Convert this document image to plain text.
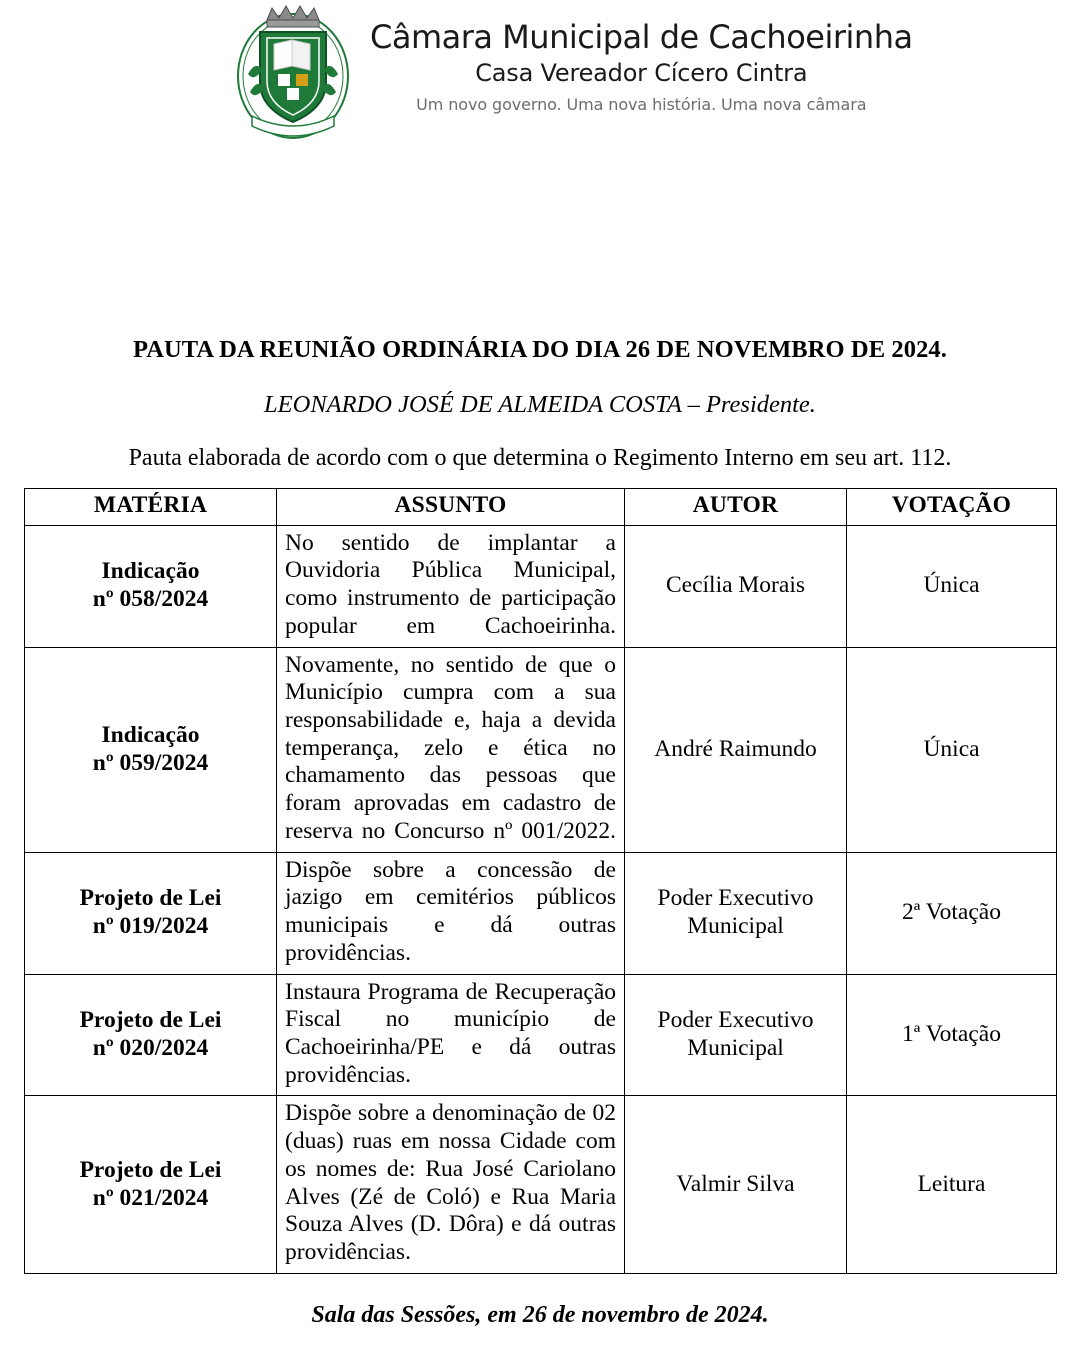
Câmara Municipal de Cachoeirinha
Casa Vereador Cícero Cintra
Um novo governo. Uma nova história. Uma nova câmara
PAUTA DA REUNIÃO ORDINÁRIA DO DIA 26 DE NOVEMBRO DE 2024.
LEONARDO JOSÉ DE ALMEIDA COSTA – Presidente.
Pauta elaborada de acordo com o que determina o Regimento Interno em seu art. 112.
MATÉRIA	ASSUNTO	AUTOR	VOTAÇÃO
Indicação
nº 058/2024	No sentido de implantar a Ouvidoria Pública Municipal, como instrumento de participação popular em Cachoeirinha.	Cecília Morais	Única
Indicação
nº 059/2024	Novamente, no sentido de que o Município cumpra com a sua responsabilidade e, haja a devida temperança, zelo e ética no chamamento das pessoas que foram aprovadas em cadastro de reserva no Concurso nº 001/2022.	André Raimundo	Única
Projeto de Lei
nº 019/2024	Dispõe sobre a concessão de jazigo em cemitérios públicos municipais e dá outras providências.	Poder Executivo Municipal	2ª Votação
Projeto de Lei
nº 020/2024	Instaura Programa de Recuperação Fiscal no município de Cachoeirinha/PE e dá outras providências.	Poder Executivo Municipal	1ª Votação
Projeto de Lei
nº 021/2024	Dispõe sobre a denominação de 02 (duas) ruas em nossa Cidade com os nomes de: Rua José Cariolano Alves (Zé de Coló) e Rua Maria Souza Alves (D. Dôra) e dá outras providências.	Valmir Silva	Leitura
Sala das Sessões, em 26 de novembro de 2024.
